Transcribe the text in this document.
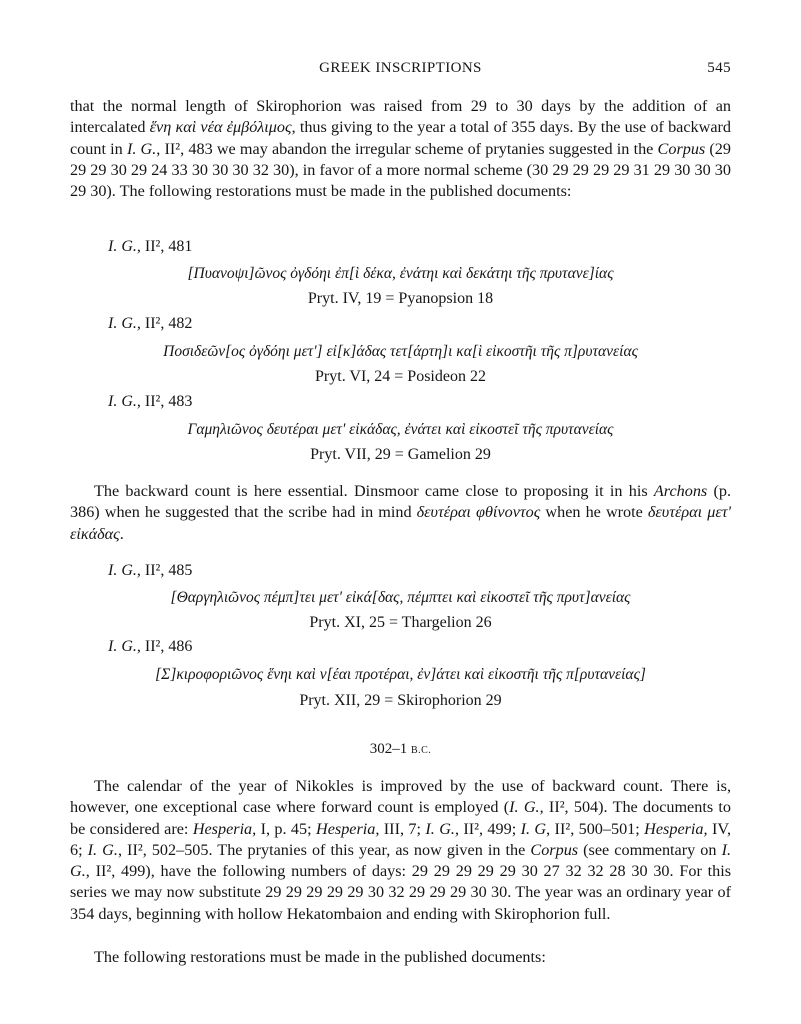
GREEK INSCRIPTIONS	545

that the normal length of Skirophorion was raised from 29 to 30 days by the addition of an intercalated ἕνη καὶ νέα ἐμβόλιμος, thus giving to the year a total of 355 days. By the use of backward count in I. G., II², 483 we may abandon the irregular scheme of prytanies suggested in the Corpus (29 29 29 30 29 24 33 30 30 30 32 30), in favor of a more normal scheme (30 29 29 29 29 31 29 30 30 30 29 30). The following restorations must be made in the published documents:

I. G., II², 481
[Πυανοψι]ῶνος ὀγδόηι ἐπ[ὶ δέκα, ἐνάτηι καὶ δεκάτηι τῆς πρυτανε]ίας
Pryt. IV, 19 = Pyanopsion 18
I. G., II², 482
Ποσιδεῶν[ος ὀγδόηι μετ'] εἰ[κ]άδας τετ[άρτη]ι κα[ὶ εἰκοστῆι τῆς π]ρυτανείας
Pryt. VI, 24 = Posideon 22
I. G., II², 483
Γαμηλιῶνος δευτέραι μετ' εἰκάδας, ἐνάτει καὶ εἰκοστεῖ τῆς πρυτανείας
Pryt. VII, 29 = Gamelion 29

The backward count is here essential. Dinsmoor came close to proposing it in his Archons (p. 386) when he suggested that the scribe had in mind δευτέραι φθίνοντος when he wrote δευτέραι μετ' εἰκάδας.

I. G., II², 485
[Θαργηλιῶνος πέμπ]τει μετ' εἰκά[δας, πέμπτει καὶ εἰκοστεῖ τῆς πρυτ]ανείας
Pryt. XI, 25 = Thargelion 26
I. G., II², 486
[Σ]κιροφοριῶνος ἕνηι καὶ ν[έαι προτέραι, ἐν]άτει καὶ εἰκοστῆι τῆς π[ρυτανείας]
Pryt. XII, 29 = Skirophorion 29
302–1 B.C.

The calendar of the year of Nikokles is improved by the use of backward count. There is, however, one exceptional case where forward count is employed (I. G., II², 504). The documents to be considered are: Hesperia, I, p. 45; Hesperia, III, 7; I. G., II², 499; I. G, II², 500–501; Hesperia, IV, 6; I. G., II², 502–505. The prytanies of this year, as now given in the Corpus (see commentary on I. G., II², 499), have the following numbers of days: 29 29 29 29 29 30 27 32 32 28 30 30. For this series we may now substitute 29 29 29 29 29 30 32 29 29 29 30 30. The year was an ordinary year of 354 days, beginning with hollow Hekatombaion and ending with Skirophorion full.

The following restorations must be made in the published documents:
